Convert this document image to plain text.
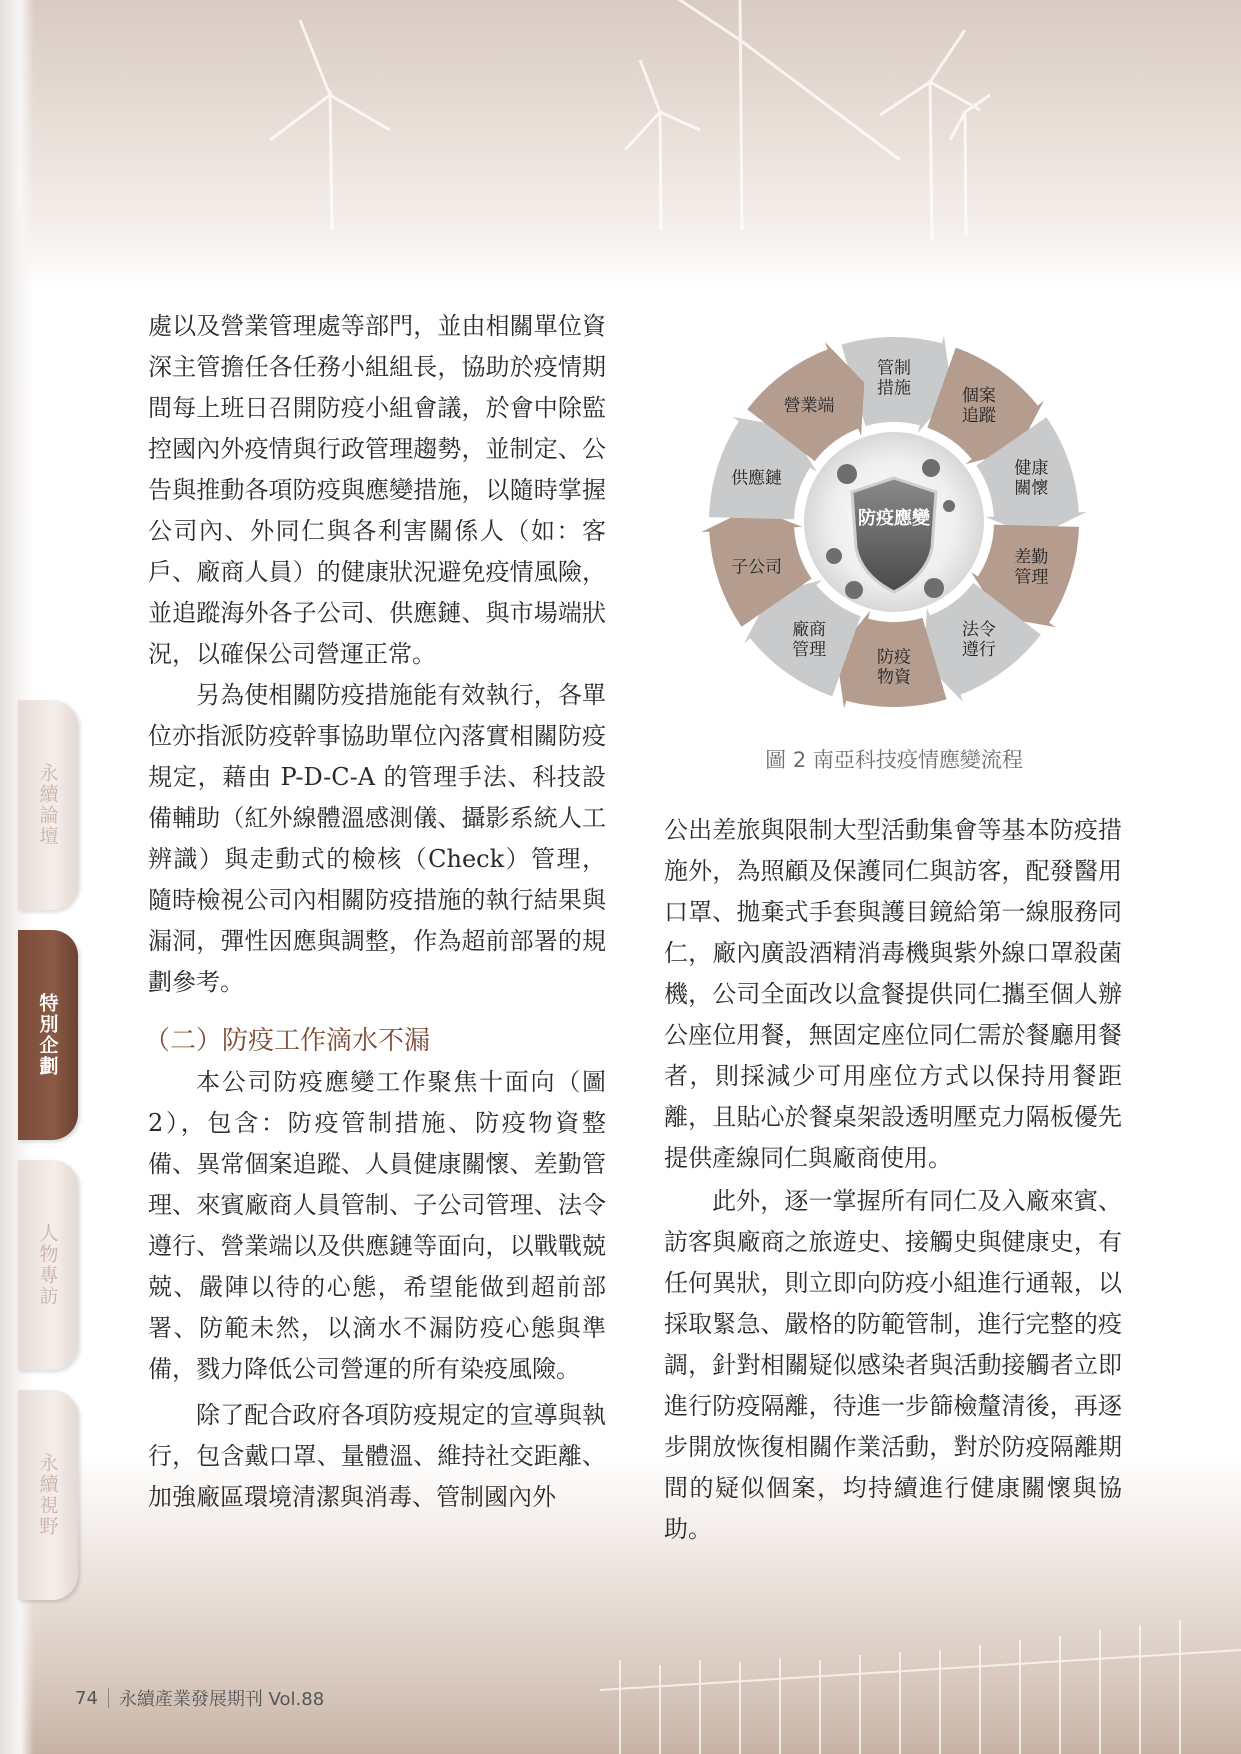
永續論壇
特別企劃
人物專訪
永續視野

處以及營業管理處等部門，並由相關單位資深主管擔任各任務小組組長，協助於疫情期間每上班日召開防疫小組會議，於會中除監控國內外疫情與行政管理趨勢，並制定、公告與推動各項防疫與應變措施，以隨時掌握公司內、外同仁與各利害關係人（如：客戶、廠商人員）的健康狀況避免疫情風險，並追蹤海外各子公司、供應鏈、與市場端狀況，以確保公司營運正常。

另為使相關防疫措施能有效執行，各單位亦指派防疫幹事協助單位內落實相關防疫規定，藉由 P-D-C-A 的管理手法、科技設備輔助（紅外線體溫感測儀、攝影系統人工辨識）與走動式的檢核（Check）管理，隨時檢視公司內相關防疫措施的執行結果與漏洞，彈性因應與調整，作為超前部署的規劃參考。

（二）防疫工作滴水不漏

本公司防疫應變工作聚焦十面向（圖2），包含：防疫管制措施、防疫物資整備、異常個案追蹤、人員健康關懷、差勤管理、來賓廠商人員管制、子公司管理、法令遵行、營業端以及供應鏈等面向，以戰戰兢兢、嚴陣以待的心態，希望能做到超前部署、防範未然，以滴水不漏防疫心態與準備，戮力降低公司營運的所有染疫風險。

除了配合政府各項防疫規定的宣導與執行，包含戴口罩、量體溫、維持社交距離、加強廠區環境清潔與消毒、管制國內外

管制措施	個案追蹤
健康關懷
差勤管理
法令遵行
防疫物資
廠商管理
子公司
供應鏈
營業端
防疫應變
圖 2 南亞科技疫情應變流程

公出差旅與限制大型活動集會等基本防疫措施外，為照顧及保護同仁與訪客，配發醫用口罩、拋棄式手套與護目鏡給第一線服務同仁，廠內廣設酒精消毒機與紫外線口罩殺菌機，公司全面改以盒餐提供同仁攜至個人辦公座位用餐，無固定座位同仁需於餐廳用餐者，則採減少可用座位方式以保持用餐距離，且貼心於餐桌架設透明壓克力隔板優先提供產線同仁與廠商使用。

此外，逐一掌握所有同仁及入廠來賓、訪客與廠商之旅遊史、接觸史與健康史，有任何異狀，則立即向防疫小組進行通報，以採取緊急、嚴格的防範管制，進行完整的疫調，針對相關疑似感染者與活動接觸者立即進行防疫隔離，待進一步篩檢釐清後，再逐步開放恢復相關作業活動，對於防疫隔離期間的疑似個案，均持續進行健康關懷與協助。

74 永續產業發展期刊 Vol.88
